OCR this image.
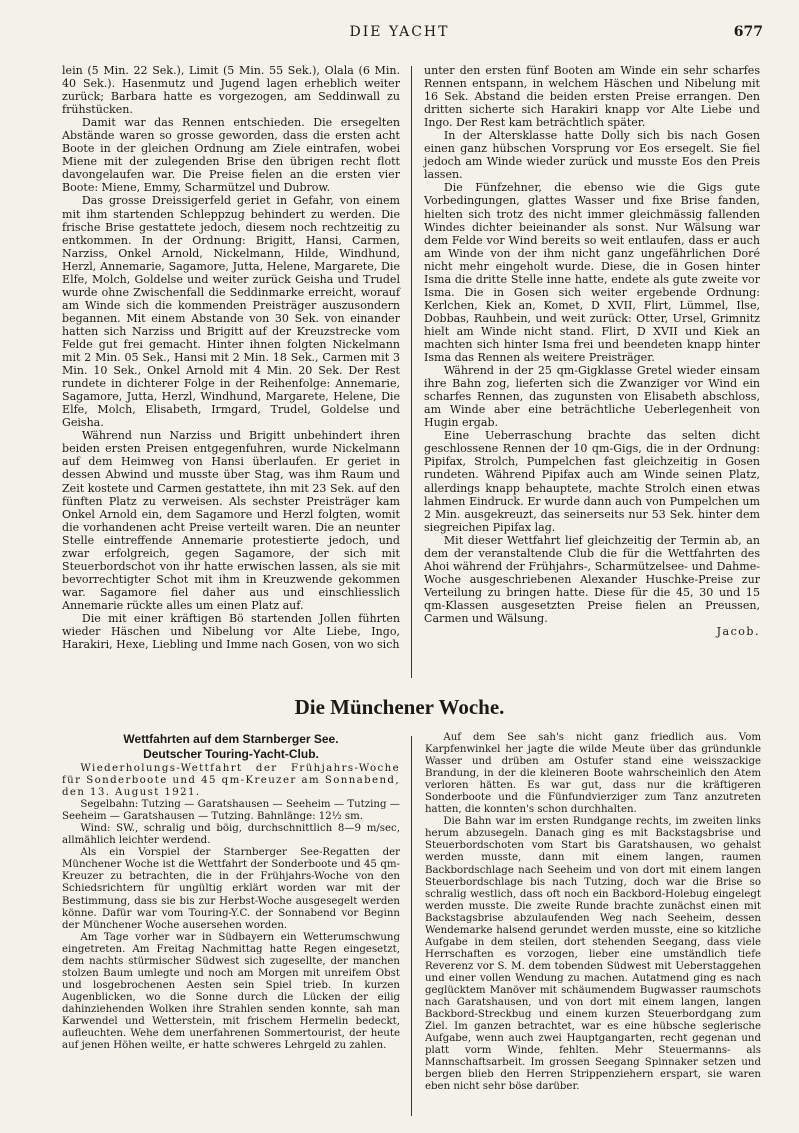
DIE YACHT	677

lein (5 Min. 22 Sek.), Limit (5 Min. 55 Sek.), Olala (6 Min. 40 Sek.). Hasenmutz und Jugend lagen erheblich weiter zurück; Barbara hatte es vorgezogen, am Seddinwall zu frühstücken.

Damit war das Rennen entschieden. Die ersegelten Abstände waren so grosse geworden, dass die ersten acht Boote in der gleichen Ordnung am Ziele eintrafen, wobei Miene mit der zulegenden Brise den übrigen recht flott davongelaufen war. Die Preise fielen an die ersten vier Boote: Miene, Emmy, Scharmützel und Dubrow.

Das grosse Dreissigerfeld geriet in Gefahr, von einem mit ihm startenden Schleppzug behindert zu werden. Die frische Brise gestattete jedoch, diesem noch rechtzeitig zu entkommen. In der Ordnung: Brigitt, Hansi, Carmen, Narziss, Onkel Arnold, Nickelmann, Hilde, Windhund, Herzl, Annemarie, Sagamore, Jutta, Helene, Margarete, Die Elfe, Molch, Goldelse und weiter zurück Geisha und Trudel wurde ohne Zwischenfall die Seddinmarke erreicht, worauf am Winde sich die kommenden Preisträger auszusondern begannen. Mit einem Abstande von 30 Sek. von einander hatten sich Narziss und Brigitt auf der Kreuzstrecke vom Felde gut frei gemacht. Hinter ihnen folgten Nickelmann mit 2 Min. 05 Sek., Hansi mit 2 Min. 18 Sek., Carmen mit 3 Min. 10 Sek., Onkel Arnold mit 4 Min. 20 Sek. Der Rest rundete in dichterer Folge in der Reihenfolge: Annemarie, Sagamore, Jutta, Herzl, Windhund, Margarete, Helene, Die Elfe, Molch, Elisabeth, Irmgard, Trudel, Goldelse und Geisha.

Während nun Narziss und Brigitt unbehindert ihren beiden ersten Preisen entgegenfuhren, wurde Nickelmann auf dem Heimweg von Hansi überlaufen. Er geriet in dessen Abwind und musste über Stag, was ihm Raum und Zeit kostete und Carmen gestattete, ihn mit 23 Sek. auf den fünften Platz zu verweisen. Als sechster Preisträger kam Onkel Arnold ein, dem Sagamore und Herzl folgten, womit die vorhandenen acht Preise verteilt waren. Die an neunter Stelle eintreffende Annemarie protestierte jedoch, und zwar erfolgreich, gegen Sagamore, der sich mit Steuerbordschot von ihr hatte erwischen lassen, als sie mit bevorrechtigter Schot mit ihm in Kreuzwende gekommen war. Sagamore fiel daher aus und einschliesslich Annemarie rückte alles um einen Platz auf.

Die mit einer kräftigen Bö startenden Jollen führten wieder Häschen und Nibelung vor Alte Liebe, Ingo, Harakiri, Hexe, Liebling und Imme nach Gosen, von wo sich

unter den ersten fünf Booten am Winde ein sehr scharfes Rennen entspann, in welchem Häschen und Nibelung mit 16 Sek. Abstand die beiden ersten Preise errangen. Den dritten sicherte sich Harakiri knapp vor Alte Liebe und Ingo. Der Rest kam beträchtlich später.

In der Altersklasse hatte Dolly sich bis nach Gosen einen ganz hübschen Vorsprung vor Eos ersegelt. Sie fiel jedoch am Winde wieder zurück und musste Eos den Preis lassen.

Die Fünfzehner, die ebenso wie die Gigs gute Vorbedingungen, glattes Wasser und fixe Brise fanden, hielten sich trotz des nicht immer gleichmässig fallenden Windes dichter beieinander als sonst. Nur Wälsung war dem Felde vor Wind bereits so weit entlaufen, dass er auch am Winde von der ihm nicht ganz ungefährlichen Doré nicht mehr eingeholt wurde. Diese, die in Gosen hinter Isma die dritte Stelle inne hatte, endete als gute zweite vor Isma. Die in Gosen sich weiter ergebende Ordnung: Kerlchen, Kiek an, Komet, D XVII, Flirt, Lümmel, Ilse, Dobbas, Rauhbein, und weit zurück: Otter, Ursel, Grimnitz hielt am Winde nicht stand. Flirt, D XVII und Kiek an machten sich hinter Isma frei und beendeten knapp hinter Isma das Rennen als weitere Preisträger.

Während in der 25 qm-Gigklasse Gretel wieder einsam ihre Bahn zog, lieferten sich die Zwanziger vor Wind ein scharfes Rennen, das zugunsten von Elisabeth abschloss, am Winde aber eine beträchtliche Ueberlegenheit von Hugin ergab.

Eine Ueberraschung brachte das selten dicht geschlossene Rennen der 10 qm-Gigs, die in der Ordnung: Pipifax, Strolch, Pumpelchen fast gleichzeitig in Gosen rundeten. Während Pipifax auch am Winde seinen Platz, allerdings knapp behauptete, machte Strolch einen etwas lahmen Eindruck. Er wurde dann auch von Pumpelchen um 2 Min. ausgekreuzt, das seinerseits nur 53 Sek. hinter dem siegreichen Pipifax lag.

Mit dieser Wettfahrt lief gleichzeitig der Termin ab, an dem der veranstaltende Club die für die Wettfahrten des Ahoi während der Frühjahrs-, Scharmützelsee- und Dahme-Woche ausgeschriebenen Alexander Huschke-Preise zur Verteilung zu bringen hatte. Diese für die 45, 30 und 15 qm-Klassen ausgesetzten Preise fielen an Preussen, Carmen und Wälsung.

Jacob.

Die Münchener Woche.
Wettfahrten auf dem Starnberger See.
Deutscher Touring-Yacht-Club.

Wiederholungs-Wettfahrt der Frühjahrs-Woche für Sonderboote und 45 qm-Kreuzer am Sonnabend, den 13. August 1921.

Segelbahn: Tutzing — Garatshausen — Seeheim — Tutzing — Seeheim — Garatshausen — Tutzing. Bahnlänge: 12½ sm.

Wind: SW., schralig und böig, durchschnittlich 8—9 m/sec, allmählich leichter werdend.

Als ein Vorspiel der Starnberger See-Regatten der Münchener Woche ist die Wettfahrt der Sonderboote und 45 qm-Kreuzer zu betrachten, die in der Frühjahrs-Woche von den Schiedsrichtern für ungültig erklärt worden war mit der Bestimmung, dass sie bis zur Herbst-Woche ausgesegelt werden könne. Dafür war vom Touring-Y.C. der Sonnabend vor Beginn der Münchener Woche ausersehen worden.

Am Tage vorher war in Südbayern ein Wetterumschwung eingetreten. Am Freitag Nachmittag hatte Regen eingesetzt, dem nachts stürmischer Südwest sich zugesellte, der manchen stolzen Baum umlegte und noch am Morgen mit unreifem Obst und losgebrochenen Aesten sein Spiel trieb. In kurzen Augenblicken, wo die Sonne durch die Lücken der eilig dahinziehenden Wolken ihre Strahlen senden konnte, sah man Karwendel und Wetterstein, mit frischem Hermelin bedeckt, aufleuchten. Wehe dem unerfahrenen Sommertourist, der heute auf jenen Höhen weilte, er hatte schweres Lehrgeld zu zahlen.

Auf dem See sah's nicht ganz friedlich aus. Vom Karpfenwinkel her jagte die wilde Meute über das gründunkle Wasser und drüben am Ostufer stand eine weisszackige Brandung, in der die kleineren Boote wahrscheinlich den Atem verloren hätten. Es war gut, dass nur die kräftigeren Sonderboote und die Fünfundvierziger zum Tanz anzutreten hatten, die konnten's schon durchhalten.

Die Bahn war im ersten Rundgange rechts, im zweiten links herum abzusegeln. Danach ging es mit Backstagsbrise und Steuerbordschoten vom Start bis Garatshausen, wo gehalst werden musste, dann mit einem langen, raumen Backbordschlage nach Seeheim und von dort mit einem langen Steuerbordschlage bis nach Tutzing, doch war die Brise so schralig westlich, dass oft noch ein Backbord-Holebug eingelegt werden musste. Die zweite Runde brachte zunächst einen mit Backstagsbrise abzulaufenden Weg nach Seeheim, dessen Wendemarke halsend gerundet werden musste, eine so kitzliche Aufgabe in dem steilen, dort stehenden Seegang, dass viele Herrschaften es vorzogen, lieber eine umständlich tiefe Reverenz vor S. M. dem tobenden Südwest mit Ueberstaggehen und einer vollen Wendung zu machen. Autatmend ging es nach geglücktem Manöver mit schäumendem Bugwasser raumschots nach Garatshausen, und von dort mit einem langen, langen Backbord-Streckbug und einem kurzen Steuerbordgang zum Ziel. Im ganzen betrachtet, war es eine hübsche seglerische Aufgabe, wenn auch zwei Hauptgangarten, recht gegenan und platt vorm Winde, fehlten. Mehr Steuermanns- als Mannschaftsarbeit. Im grossen Seegang Spinnaker setzen und bergen blieb den Herren Strippenziehern erspart, sie waren eben nicht sehr böse darüber.
